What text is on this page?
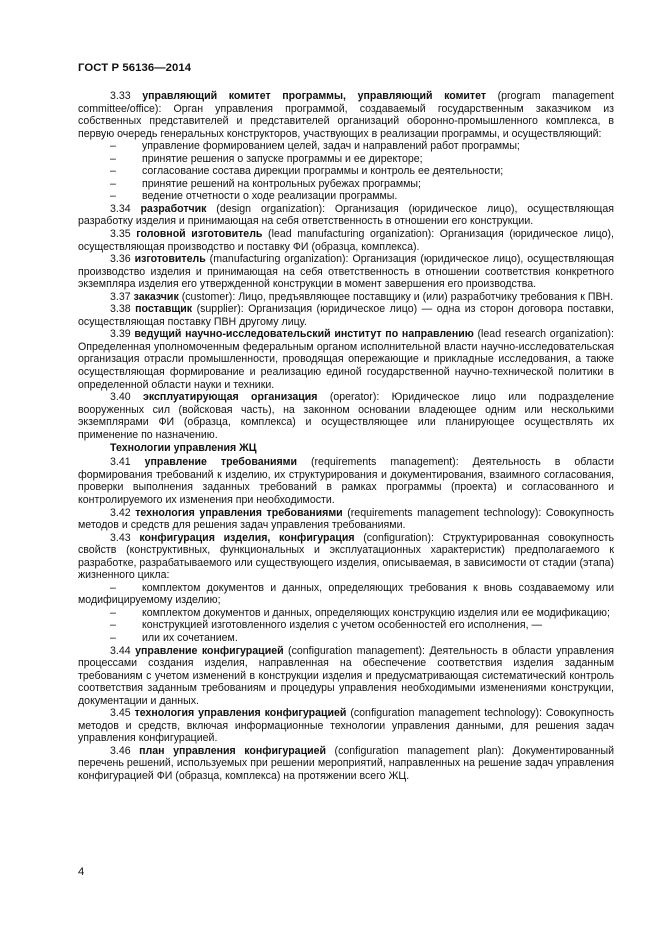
ГОСТ Р 56136—2014

3.33 управляющий комитет программы, управляющий комитет (program management committee/office): Орган управления программой, создаваемый государственным заказчиком из собственных представителей и представителей организаций оборонно-промышленного комплекса, в первую очередь генеральных конструкторов, участвующих в реализации программы, и осуществляющий:

– управление формированием целей, задач и направлений работ программы;

– принятие решения о запуске программы и ее директоре;

– согласование состава дирекции программы и контроль ее деятельности;

– принятие решений на контрольных рубежах программы;

– ведение отчетности о ходе реализации программы.

3.34 разработчик (design organization): Организация (юридическое лицо), осуществляющая разработку изделия и принимающая на себя ответственность в отношении его конструкции.

3.35 головной изготовитель (lead manufacturing organization): Организация (юридическое лицо), осуществляющая производство и поставку ФИ (образца, комплекса).

3.36 изготовитель (manufacturing organization): Организация (юридическое лицо), осуществляющая производство изделия и принимающая на себя ответственность в отношении соответствия конкретного экземпляра изделия его утвержденной конструкции в момент завершения его производства.

3.37 заказчик (customer): Лицо, предъявляющее поставщику и (или) разработчику требования к ПВН.

3.38 поставщик (supplier): Организация (юридическое лицо) — одна из сторон договора поставки, осуществляющая поставку ПВН другому лицу.

3.39 ведущий научно-исследовательский институт по направлению (lead research organization): Определенная уполномоченным федеральным органом исполнительной власти научно-исследовательская организация отрасли промышленности, проводящая опережающие и прикладные исследования, а также осуществляющая формирование и реализацию единой государственной научно-технической политики в определенной области науки и техники.

3.40 эксплуатирующая организация (operator): Юридическое лицо или подразделение вооруженных сил (войсковая часть), на законном основании владеющее одним или несколькими экземплярами ФИ (образца, комплекса) и осуществляющее или планирующее осуществлять их применение по назначению.

Технологии управления ЖЦ

3.41 управление требованиями (requirements management): Деятельность в области формирования требований к изделию, их структурирования и документирования, взаимного согласования, проверки выполнения заданных требований в рамках программы (проекта) и согласованного и контролируемого их изменения при необходимости.

3.42 технология управления требованиями (requirements management technology): Совокупность методов и средств для решения задач управления требованиями.

3.43 конфигурация изделия, конфигурация (configuration): Структурированная совокупность свойств (конструктивных, функциональных и эксплуатационных характеристик) предполагаемого к разработке, разрабатываемого или существующего изделия, описываемая, в зависимости от стадии (этапа) жизненного цикла:

– комплектом документов и данных, определяющих требования к вновь создаваемому или модифицируемому изделию;

– комплектом документов и данных, определяющих конструкцию изделия или ее модификацию;

– конструкцией изготовленного изделия с учетом особенностей его исполнения, —

– или их сочетанием.

3.44 управление конфигурацией (configuration management): Деятельность в области управления процессами создания изделия, направленная на обеспечение соответствия изделия заданным требованиям с учетом изменений в конструкции изделия и предусматривающая систематический контроль соответствия заданным требованиям и процедуры управления необходимыми изменениями конструкции, документации и данных.

3.45 технология управления конфигурацией (configuration management technology): Совокупность методов и средств, включая информационные технологии управления данными, для решения задач управления конфигурацией.

3.46 план управления конфигурацией (configuration management plan): Документированный перечень решений, используемых при решении мероприятий, направленных на решение задач управления конфигурацией ФИ (образца, комплекса) на протяжении всего ЖЦ.

4
